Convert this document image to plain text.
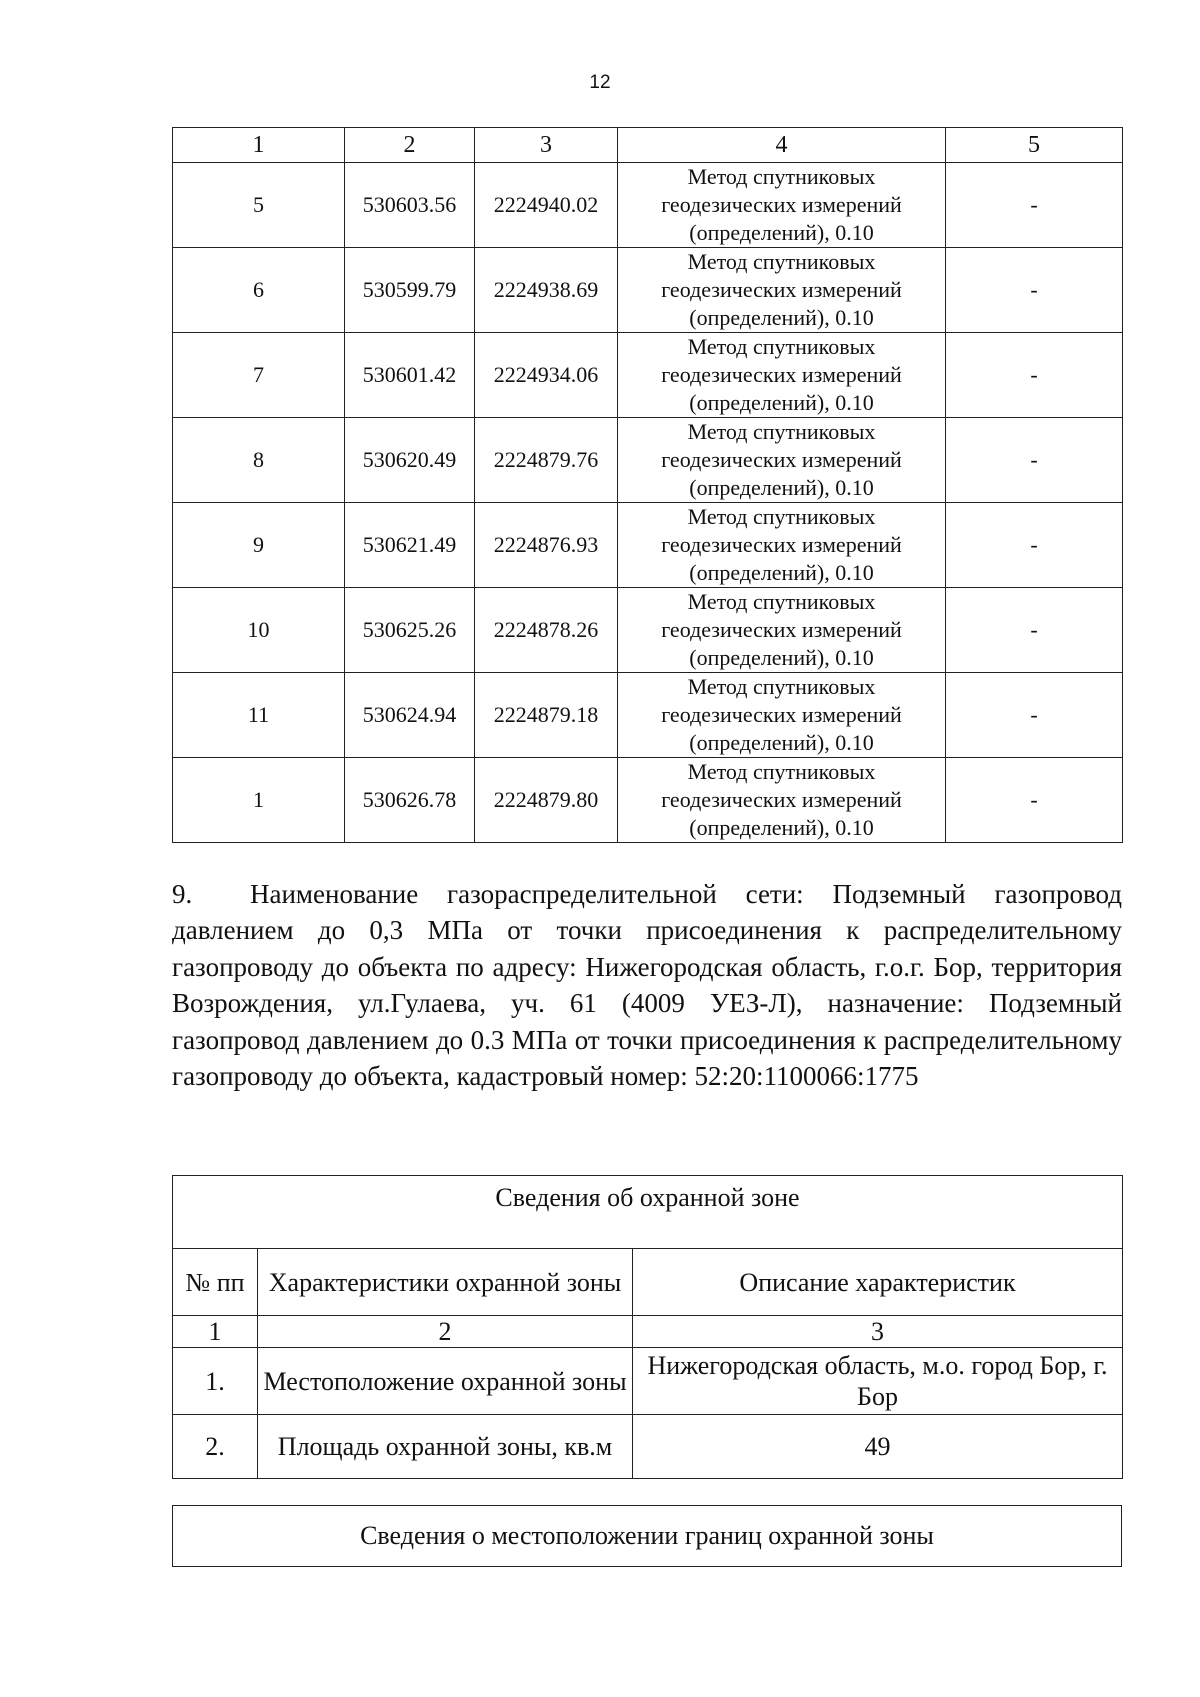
12
1	2	3	4	5
5	530603.56	2224940.02	Метод спутниковых геодезических измерений (определений), 0.10	-
6	530599.79	2224938.69	Метод спутниковых геодезических измерений (определений), 0.10	-
7	530601.42	2224934.06	Метод спутниковых геодезических измерений (определений), 0.10	-
8	530620.49	2224879.76	Метод спутниковых геодезических измерений (определений), 0.10	-
9	530621.49	2224876.93	Метод спутниковых геодезических измерений (определений), 0.10	-
10	530625.26	2224878.26	Метод спутниковых геодезических измерений (определений), 0.10	-
11	530624.94	2224879.18	Метод спутниковых геодезических измерений (определений), 0.10	-
1	530626.78	2224879.80	Метод спутниковых геодезических измерений (определений), 0.10	-

9. Наименование газораспределительной сети: Подземный газопровод давлением до 0,3 МПа от точки присоединения к распределительному газопроводу до объекта по адресу: Нижегородская область, г.о.г. Бор, территория Возрождения, ул.Гулаева, уч. 61 (4009 УЕЗ-Л), назначение: Подземный газопровод давлением до 0.3 МПа от точки присоединения к распределительному газопроводу до объекта, кадастровый номер: 52:20:1100066:1775

Сведения об охранной зоне		
№ пп	Характеристики охранной зоны	Описание характеристик
1	2	3
1.	Местоположение охранной зоны	Нижегородская область, м.о. город Бор, г. Бор
2.	Площадь охранной зоны, кв.м	49
Сведения о местоположении границ охранной зоны
